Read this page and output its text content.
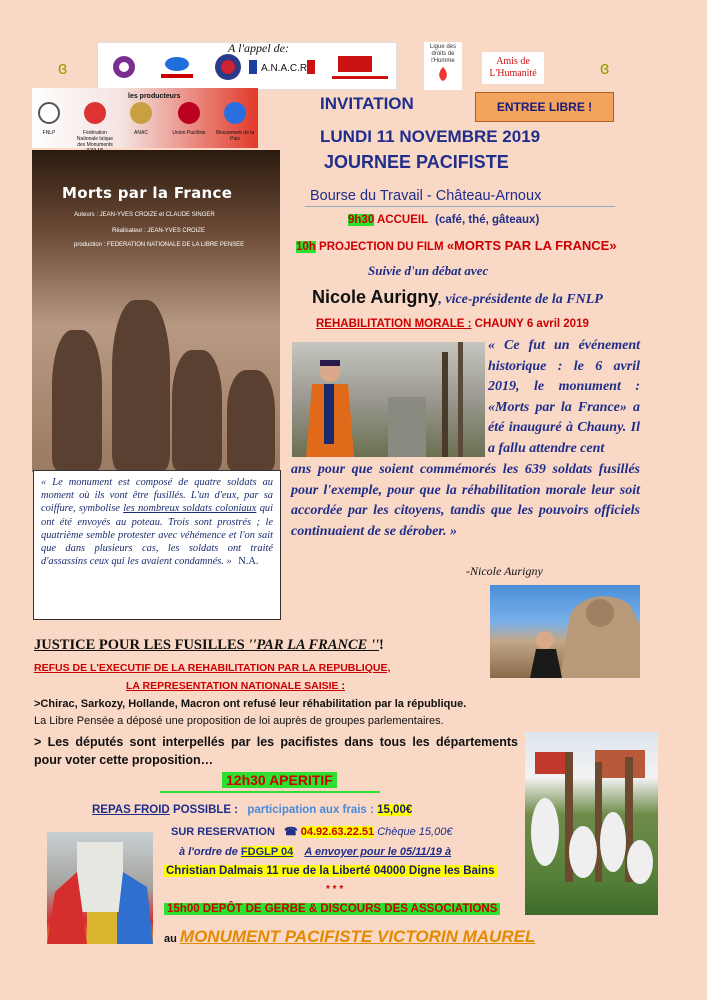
ɞ	ɞ
A.N.A.C.R
A l'appel de:	Ligue des droits de l'Homme	Amis de L'Humanité
les producteurs
FNLP	Fédération Nationale laïque des Monuments
ANAC	Union Pacifiste	Mouvement de la Paix
Morts par la France
Auteurs : JEAN-YVES CROIZE et CLAUDE SINGER
Réalisateur : JEAN-YVES CROIZE
production : FEDERATION NATIONALE DE LA LIBRE PENSEE
« Le monument est composé de quatre soldats au moment où ils vont être fusillés. L'un d'eux, par sa coiffure, symbolise les nombreux soldats coloniaux qui ont été envoyés au poteau. Trois sont prostrés ; le quatrième semble protester avec véhémence et l'on sait que dans plusieurs cas, les soldats ont traité d'assassins ceux qui les avaient condamnés. » N.A.
INVITATION	ENTREE LIBRE !
LUNDI 11 NOVEMBRE 2019
JOURNEE PACIFISTE
Bourse du Travail - Château-Arnoux
9h30 ACCUEIL (café, thé, gâteaux)
10h PROJECTION DU FILM «MORTS PAR LA FRANCE»
Suivie d'un débat avec
Nicole Aurigny, vice-présidente de la FNLP
REHABILITATION MORALE : CHAUNY 6 avril 2019
« Ce fut un événement historique : le 6 avril 2019, le monument : «Morts par la France» a été inauguré à Chauny. Il a fallu attendre cent
ans pour que soient commémorés les 639 soldats fusillés pour l'exemple, pour que la réhabilitation morale leur soit accordée par les citoyens, tandis que les pouvoirs officiels continuaient de se dérober. »
-Nicole Aurigny
JUSTICE POUR LES FUSILLES ''PAR LA FRANCE ''!
REFUS DE L'EXECUTIF DE LA REHABILITATION PAR LA REPUBLIQUE,
LA REPRESENTATION NATIONALE SAISIE :
>Chirac, Sarkozy, Hollande, Macron ont refusé leur réhabilitation par la république.
La Libre Pensée a déposé une proposition de loi auprès de groupes parlementaires.
> Les députés sont interpellés par les pacifistes dans tous les départements pour voter cette proposition…
12h30 APERITIF
REPAS FROID POSSIBLE : participation aux frais : 15,00€
SUR RESERVATION ☎ 04.92.63.22.51 Chèque 15,00€
à l'ordre de FDGLP 04 A envoyer pour le 05/11/19 à
Christian Dalmais 11 rue de la Liberté 04000 Digne les Bains
* * *
15h00 DEPÔT DE GERBE & DISCOURS DES ASSOCIATIONS
au MONUMENT PACIFISTE VICTORIN MAUREL
